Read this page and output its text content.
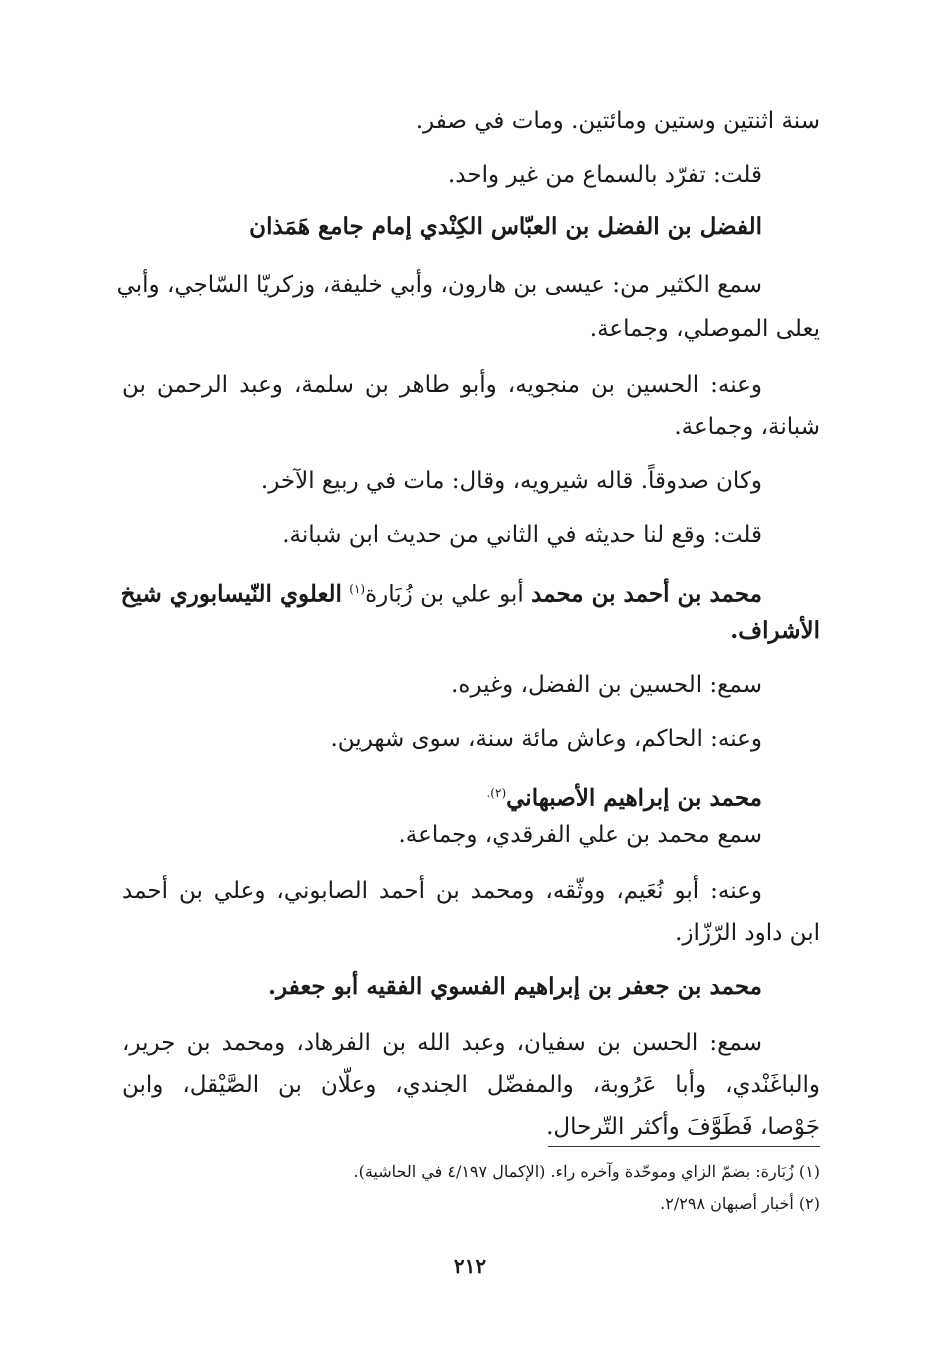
سنة اثنتين وستين ومائتين. ومات في صفر.
قلت: تفرّد بالسماع من غير واحد.
الفضل بن الفضل بن العبّاس الكِنْدي إمام جامع هَمَذان
سمع الكثير من: عيسى بن هارون، وأبي خليفة، وزكريّا السّاجي، وأبي
يعلى الموصلي، وجماعة.
وعنه: الحسين بن منجويه، وأبو طاهر بن سلمة، وعبد الرحمن بن
شبانة، وجماعة.
وكان صدوقاً. قاله شيرويه، وقال: مات في ربيع الآخر.
قلت: وقع لنا حديثه في الثاني من حديث ابن شبانة.
محمد بن أحمد بن محمد أبو علي بن زُبَارة$^{(١)}$ العلوي النّيسابوري شيخ
الأشراف.
سمع: الحسين بن الفضل، وغيره.
وعنه: الحاكم، وعاش مائة سنة، سوى شهرين.
محمد بن إبراهيم الأصبهاني$^{(٢).}$
سمع محمد بن علي الفرقدي، وجماعة.
وعنه: أبو نُعَيم، ووثّقه، ومحمد بن أحمد الصابوني، وعلي بن أحمد
ابن داود الرّزّاز.
محمد بن جعفر بن إبراهيم الفسوي الفقيه أبو جعفر.
سمع: الحسن بن سفيان، وعبد الله بن الفرهاد، ومحمد بن جرير،
والباغَنْدي، وأبا عَرُوبة، والمفضّل الجندي، وعلّان بن الصَّيْقل، وابن
جَوْصا، فَطَوَّفَ وأكثر التّرحال.
(١) زُبَارة: بضمّ الزاي وموحّدة وآخره راء. (الإكمال ٤/١٩٧ في الحاشية).
(٢) أخبار أصبهان ٢/٢٩٨.
٢١٢
